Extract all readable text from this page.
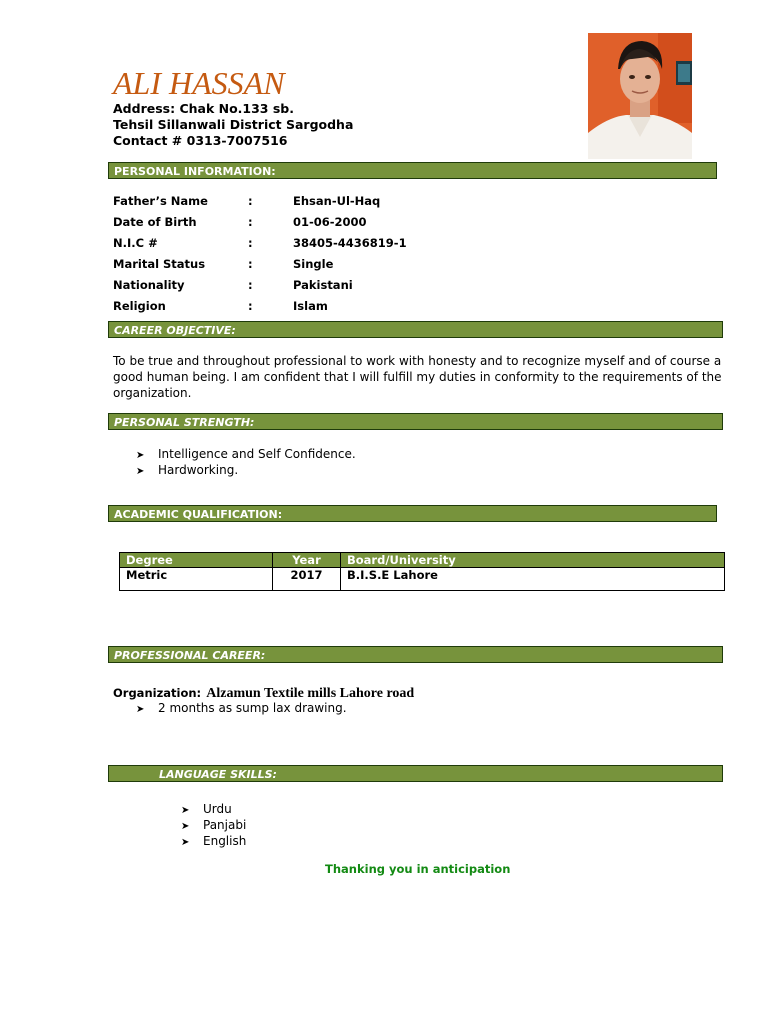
ALI HASSAN
Address: Chak No.133 sb.
Tehsil Sillanwali District Sargodha
Contact # 0313-7007516
PERSONAL INFORMATION:
Father’s Name	:	Ehsan-Ul-Haq
Date of Birth	:	01-06-2000
N.I.C #	:	38405-4436819-1
Marital Status	:	Single
Nationality	:	Pakistani
Religion	:	Islam
CAREER OBJECTIVE:
To be true and throughout professional to work with honesty and to recognize myself and of course a good human being. I am confident that I will fulfill my duties in conformity to the requirements of the organization.
PERSONAL STRENGTH:
➤ Intelligence and Self Confidence.
➤ Hardworking.
ACADEMIC QUALIFICATION:
Degree	Year	Board/University
Metric	2017	B.I.S.E Lahore
PROFESSIONAL CAREER:
Organization: Alzamun Textile mills Lahore road
➤ 2 months as sump lax drawing.
LANGUAGE SKILLS:
➤ Urdu
➤ Panjabi
➤ English
Thanking you in anticipation
